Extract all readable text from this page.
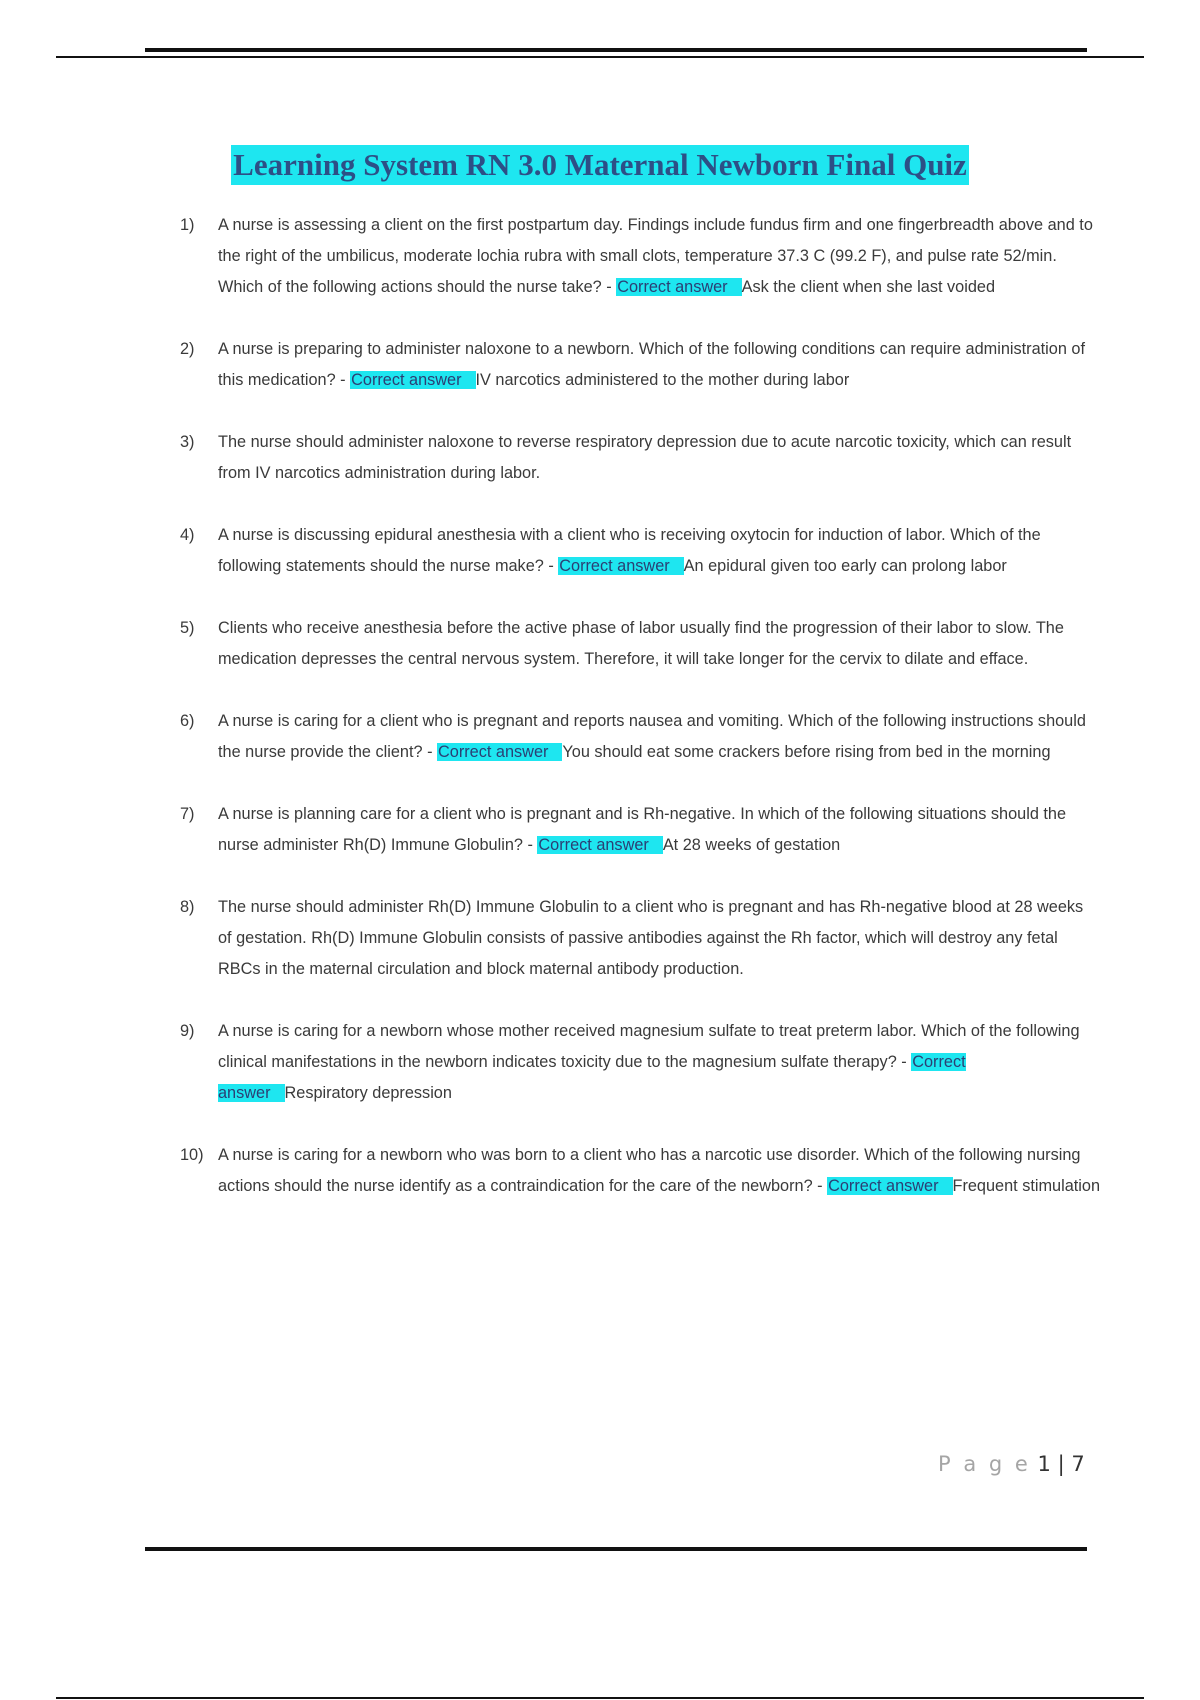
Learning System RN 3.0 Maternal Newborn Final Quiz
1)	A nurse is assessing a client on the first postpartum day. Findings include fundus firm and one fingerbreadth above and to the right of the umbilicus, moderate lochia rubra with small clots, temperature 37.3 C (99.2 F), and pulse rate 52/min. Which of the following actions should the nurse take? - Correct answer Ask the client when she last voided
2)	A nurse is preparing to administer naloxone to a newborn. Which of the following conditions can require administration of this medication? - Correct answer IV narcotics administered to the mother during labor
3)	The nurse should administer naloxone to reverse respiratory depression due to acute narcotic toxicity, which can result from IV narcotics administration during labor.
4)	A nurse is discussing epidural anesthesia with a client who is receiving oxytocin for induction of labor. Which of the following statements should the nurse make? - Correct answer An epidural given too early can prolong labor
5)	Clients who receive anesthesia before the active phase of labor usually find the progression of their labor to slow. The medication depresses the central nervous system. Therefore, it will take longer for the cervix to dilate and efface.
6)	A nurse is caring for a client who is pregnant and reports nausea and vomiting. Which of the following instructions should the nurse provide the client? - Correct answer You should eat some crackers before rising from bed in the morning
7)	A nurse is planning care for a client who is pregnant and is Rh-negative. In which of the following situations should the nurse administer Rh(D) Immune Globulin? - Correct answer At 28 weeks of gestation
8)	The nurse should administer Rh(D) Immune Globulin to a client who is pregnant and has Rh-negative blood at 28 weeks of gestation. Rh(D) Immune Globulin consists of passive antibodies against the Rh factor, which will destroy any fetal RBCs in the maternal circulation and block maternal antibody production.
9)	A nurse is caring for a newborn whose mother received magnesium sulfate to treat preterm labor. Which of the following clinical manifestations in the newborn indicates toxicity due to the magnesium sulfate therapy? - Correct answer Respiratory depression
10) A nurse is caring for a newborn who was born to a client who has a narcotic use disorder. Which of the following nursing actions should the nurse identify as a contraindication for the care of the newborn? - Correct answer Frequent stimulation
P a g e 1 | 7
